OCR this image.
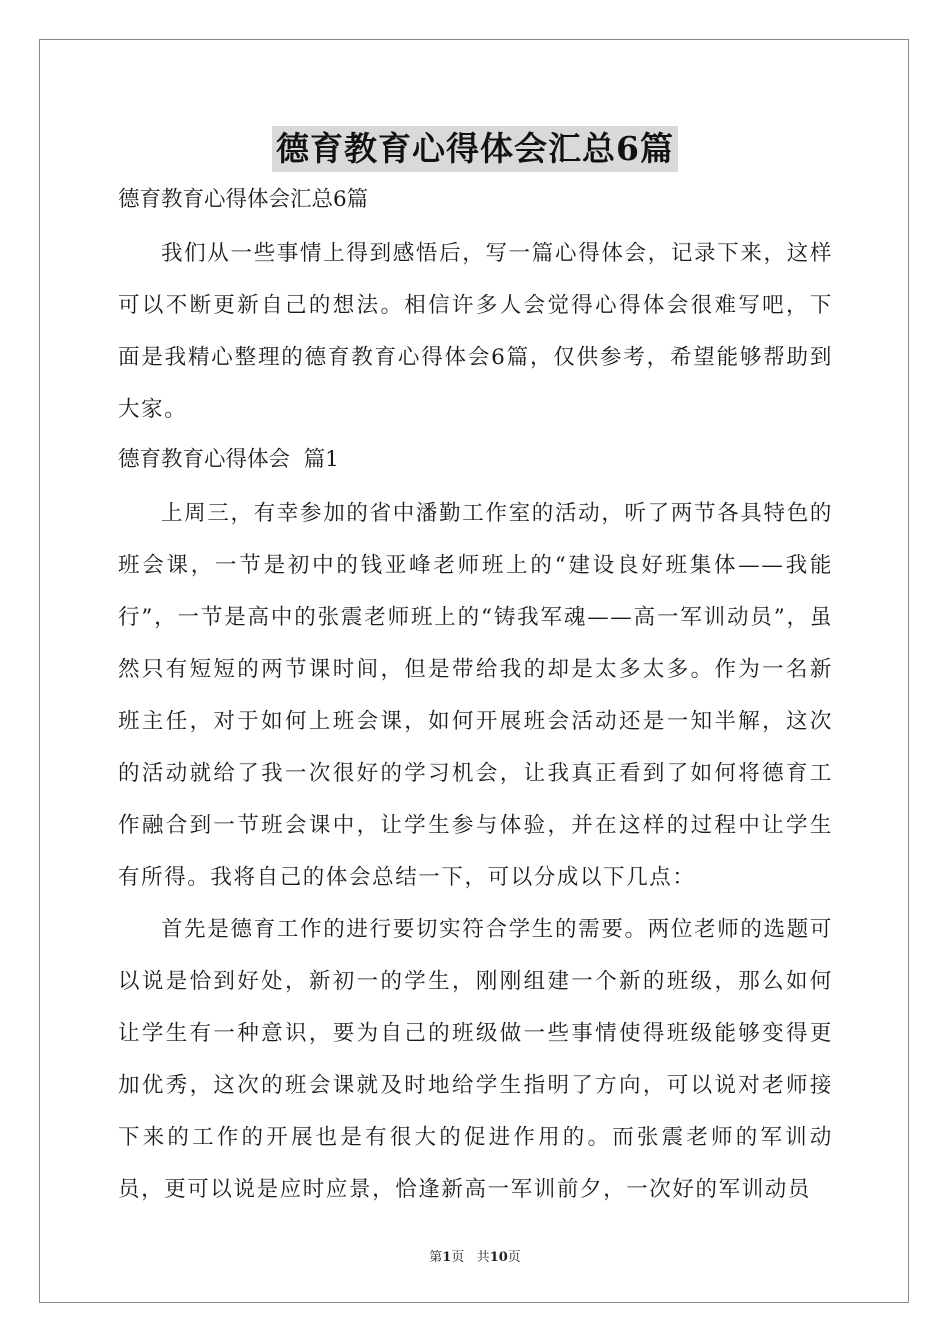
德育教育心得体会汇总6篇
德育教育心得体会汇总6篇

我们从一些事情上得到感悟后，写一篇心得体会，记录下来，这样可以不断更新自己的想法。相信许多人会觉得心得体会很难写吧，下面是我精心整理的德育教育心得体会6篇，仅供参考，希望能够帮助到大家。

德育教育心得体会  篇1

上周三，有幸参加的省中潘勤工作室的活动，听了两节各具特色的班会课，一节是初中的钱亚峰老师班上的“建设良好班集体——我能行”，一节是高中的张震老师班上的“铸我军魂——高一军训动员”，虽然只有短短的两节课时间，但是带给我的却是太多太多。作为一名新班主任，对于如何上班会课，如何开展班会活动还是一知半解，这次的活动就给了我一次很好的学习机会，让我真正看到了如何将德育工作融合到一节班会课中，让学生参与体验，并在这样的过程中让学生有所得。我将自己的体会总结一下，可以分成以下几点：

首先是德育工作的进行要切实符合学生的需要。两位老师的选题可以说是恰到好处，新初一的学生，刚刚组建一个新的班级，那么如何让学生有一种意识，要为自己的班级做一些事情使得班级能够变得更加优秀，这次的班会课就及时地给学生指明了方向，可以说对老师接下来的工作的开展也是有很大的促进作用的。而张震老师的军训动员，更可以说是应时应景，恰逢新高一军训前夕，一次好的军训动员

第1页 共10页
